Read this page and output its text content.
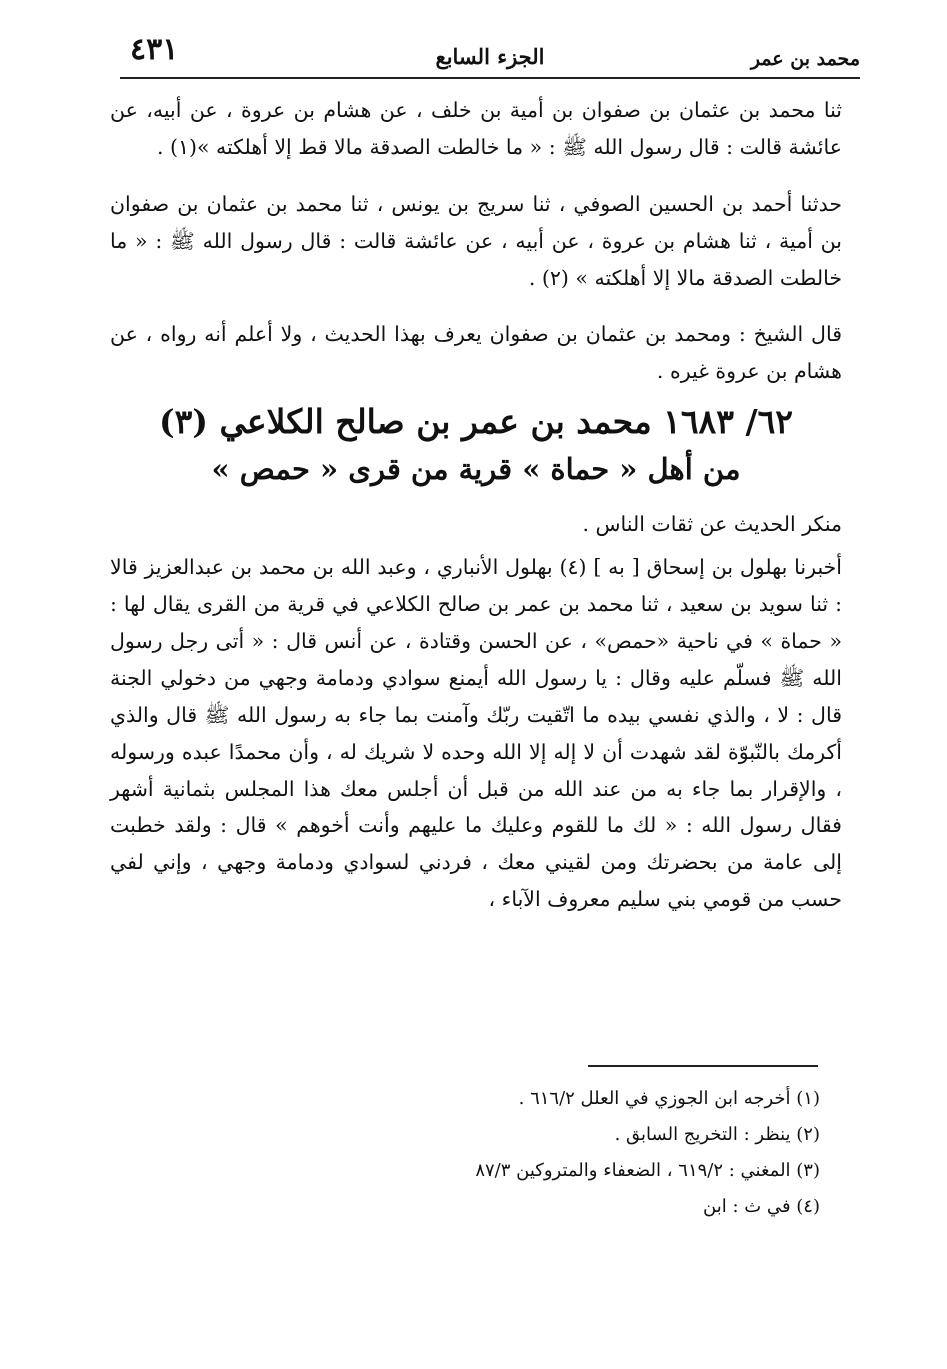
محمد بن عمر
الجزء السابع
٤٣١

ثنا محمد بن عثمان بن صفوان بن أمية بن خلف ، عن هشام بن عروة ، عن أبيه، عن عائشة قالت : قال رسول الله ﷺ : « ما خالطت الصدقة مالا قط إلا أهلكته »(١) .

حدثنا أحمد بن الحسين الصوفي ، ثنا سريج بن يونس ، ثنا محمد بن عثمان بن صفوان بن أمية ، ثنا هشام بن عروة ، عن أبيه ، عن عائشة قالت : قال رسول الله ﷺ : « ما خالطت الصدقة مالا إلا أهلكته » (٢) .

قال الشيخ : ومحمد بن عثمان بن صفوان يعرف بهذا الحديث ، ولا أعلم أنه رواه ، عن هشام بن عروة غيره .

٦٢/ ١٦٨٣ محمد بن عمر بن صالح الكلاعي (٣)
من أهل « حماة » قرية من قرى « حمص »

منكر الحديث عن ثقات الناس .

أخبرنا بهلول بن إسحاق [ به ] (٤) بهلول الأنباري ، وعبد الله بن محمد بن عبدالعزيز قالا : ثنا سويد بن سعيد ، ثنا محمد بن عمر بن صالح الكلاعي في قرية من القرى يقال لها : « حماة » في ناحية «حمص» ، عن الحسن وقتادة ، عن أنس قال : « أتى رجل رسول الله ﷺ فسلّم عليه وقال : يا رسول الله أيمنع سوادي ودمامة وجهي من دخولي الجنة قال : لا ، والذي نفسي بيده ما اتّقيت ربّك وآمنت بما جاء به رسول الله ﷺ قال والذي أكرمك بالنّبوّة لقد شهدت أن لا إله إلا الله وحده لا شريك له ، وأن محمدًا عبده ورسوله ، والإقرار بما جاء به من عند الله من قبل أن أجلس معك هذا المجلس بثمانية أشهر فقال رسول الله : « لك ما للقوم وعليك ما عليهم وأنت أخوهم » قال : ولقد خطبت إلى عامة من بحضرتك ومن لقيني معك ، فردني لسوادي ودمامة وجهي ، وإني لفي حسب من قومي بني سليم معروف الآباء ،

(١) أخرجه ابن الجوزي في العلل ٦١٦/٢ .
(٢) ينظر : التخريج السابق .
(٣) المغني : ٦١٩/٢ ، الضعفاء والمتروكين ٨٧/٣
(٤) في ث : ابن
